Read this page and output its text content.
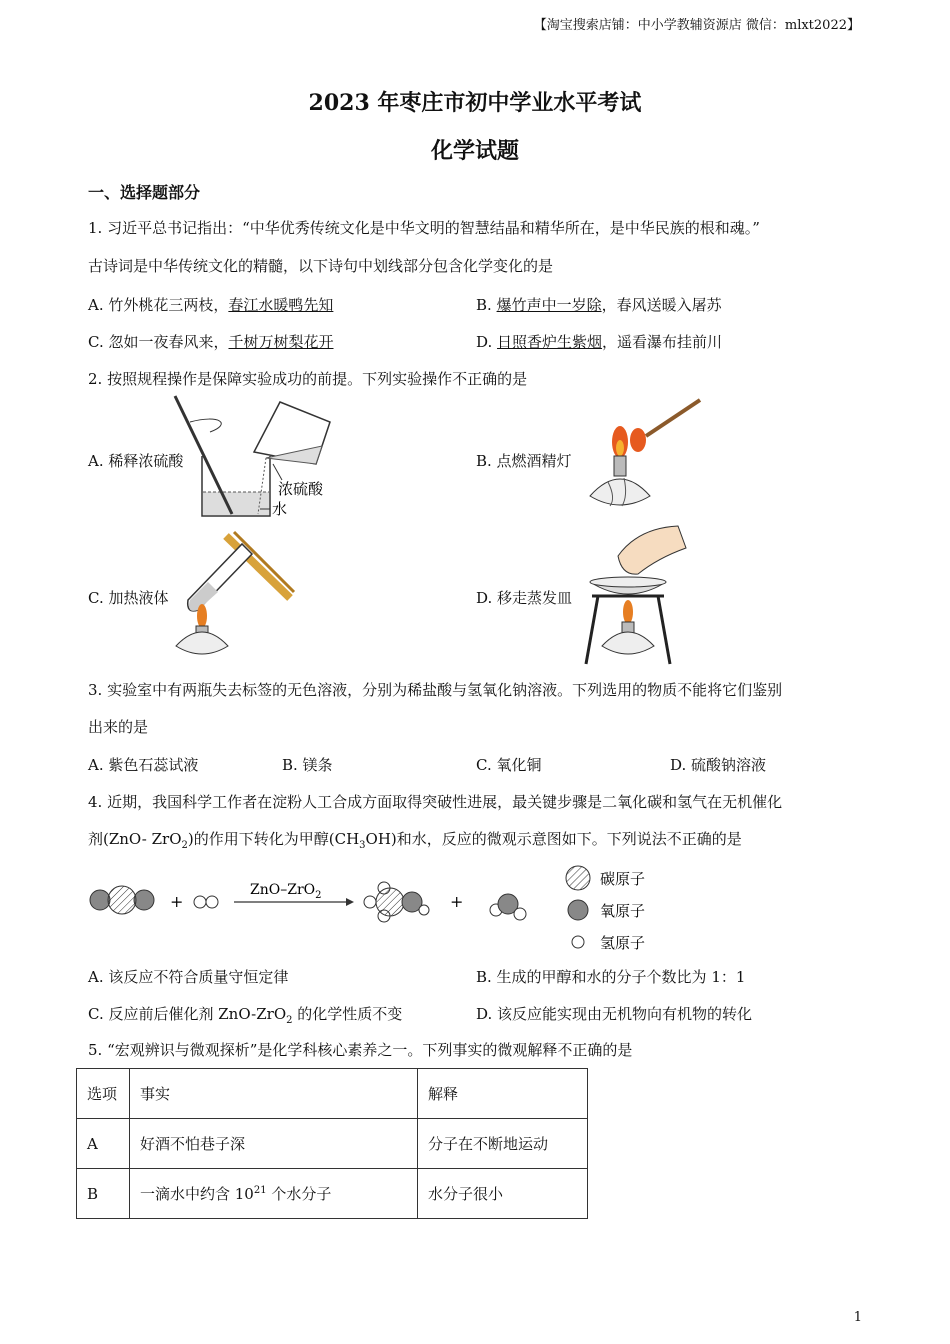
【淘宝搜索店铺：中小学教辅资源店 微信：mlxt2022】
2023 年枣庄市初中学业水平考试
化学试题
一、选择题部分
1. 习近平总书记指出：“中华优秀传统文化是中华文明的智慧结晶和精华所在，是中华民族的根和魂。”
古诗词是中华传统文化的精髓，以下诗句中划线部分包含化学变化的是
A. 竹外桃花三两枝，春江水暖鸭先知	B. 爆竹声中一岁除，春风送暖入屠苏
C. 忽如一夜春风来，千树万树梨花开	D. 日照香炉生紫烟，遥看瀑布挂前川
2. 按照规程操作是保障实验成功的前提。下列实验操作不正确的是
A. 稀释浓硫酸	B. 点燃酒精灯
C. 加热液体	D. 移走蒸发皿
浓硫酸
水
3. 实验室中有两瓶失去标签的无色溶液，分别为稀盐酸与氢氧化钠溶液。下列选用的物质不能将它们鉴别
出来的是
A. 紫色石蕊试液	B. 镁条	C. 氧化铜	D. 硫酸钠溶液
4. 近期，我国科学工作者在淀粉人工合成方面取得突破性进展，最关键步骤是二氧化碳和氢气在无机催化
剂(ZnO- ZrO$_2$)的作用下转化为甲醇$(CH_3OH)$和水，反应的微观示意图如下。下列说法不正确的是
+
ZnO–ZrO$_2$	+
碳原子
氧原子
氢原子
A. 该反应不符合质量守恒定律	B. 生成的甲醇和水的分子个数比为 1：1
C. 反应前后催化剂 ZnO-ZrO$_2$ 的化学性质不变	D. 该反应能实现由无机物向有机物的转化
5. “宏观辨识与微观探析”是化学科核心素养之一。下列事实的微观解释不正确的是
选项	事实	解释
A	好酒不怕巷子深	分子在不断地运动
B	一滴水中约含 $10^{21}$ 个水分子	水分子很小
1
